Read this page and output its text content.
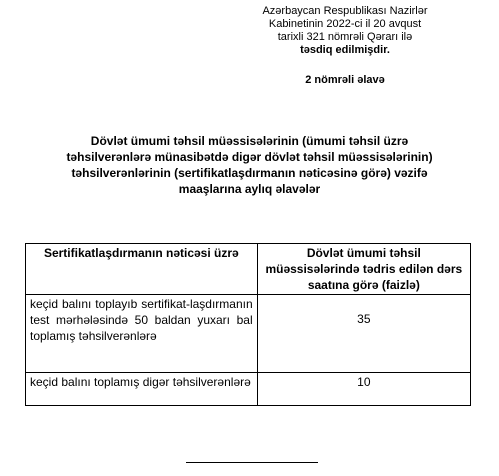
Azərbaycan Respublikası Nazirlər
Kabinetinin 2022-ci il 20 avqust
tarixli 321 nömrəli Qərarı ilə
təsdiq edilmişdir.
2 nömrəli əlavə
Dövlət ümumi təhsil müəssisələrinin (ümumi təhsil üzrə
təhsilverənlərə münasibətdə digər dövlət təhsil müəssisələrinin)
təhsilverənlərinin (sertifikatlaşdırmanın nəticəsinə görə) vəzifə
maaşlarına aylıq əlavələr
Sertifikatlaşdırmanın nəticəsi üzrə	Dövlət ümumi təhsil müəssisələrində tədris edilən dərs saatına görə (faizlə)
keçid balını toplayıb sertifikat-laşdırmanın test mərhələsində 50 baldan yuxarı bal toplamış təhsilverənlərə	35
keçid balını toplamış digər təhsilverənlərə	10
